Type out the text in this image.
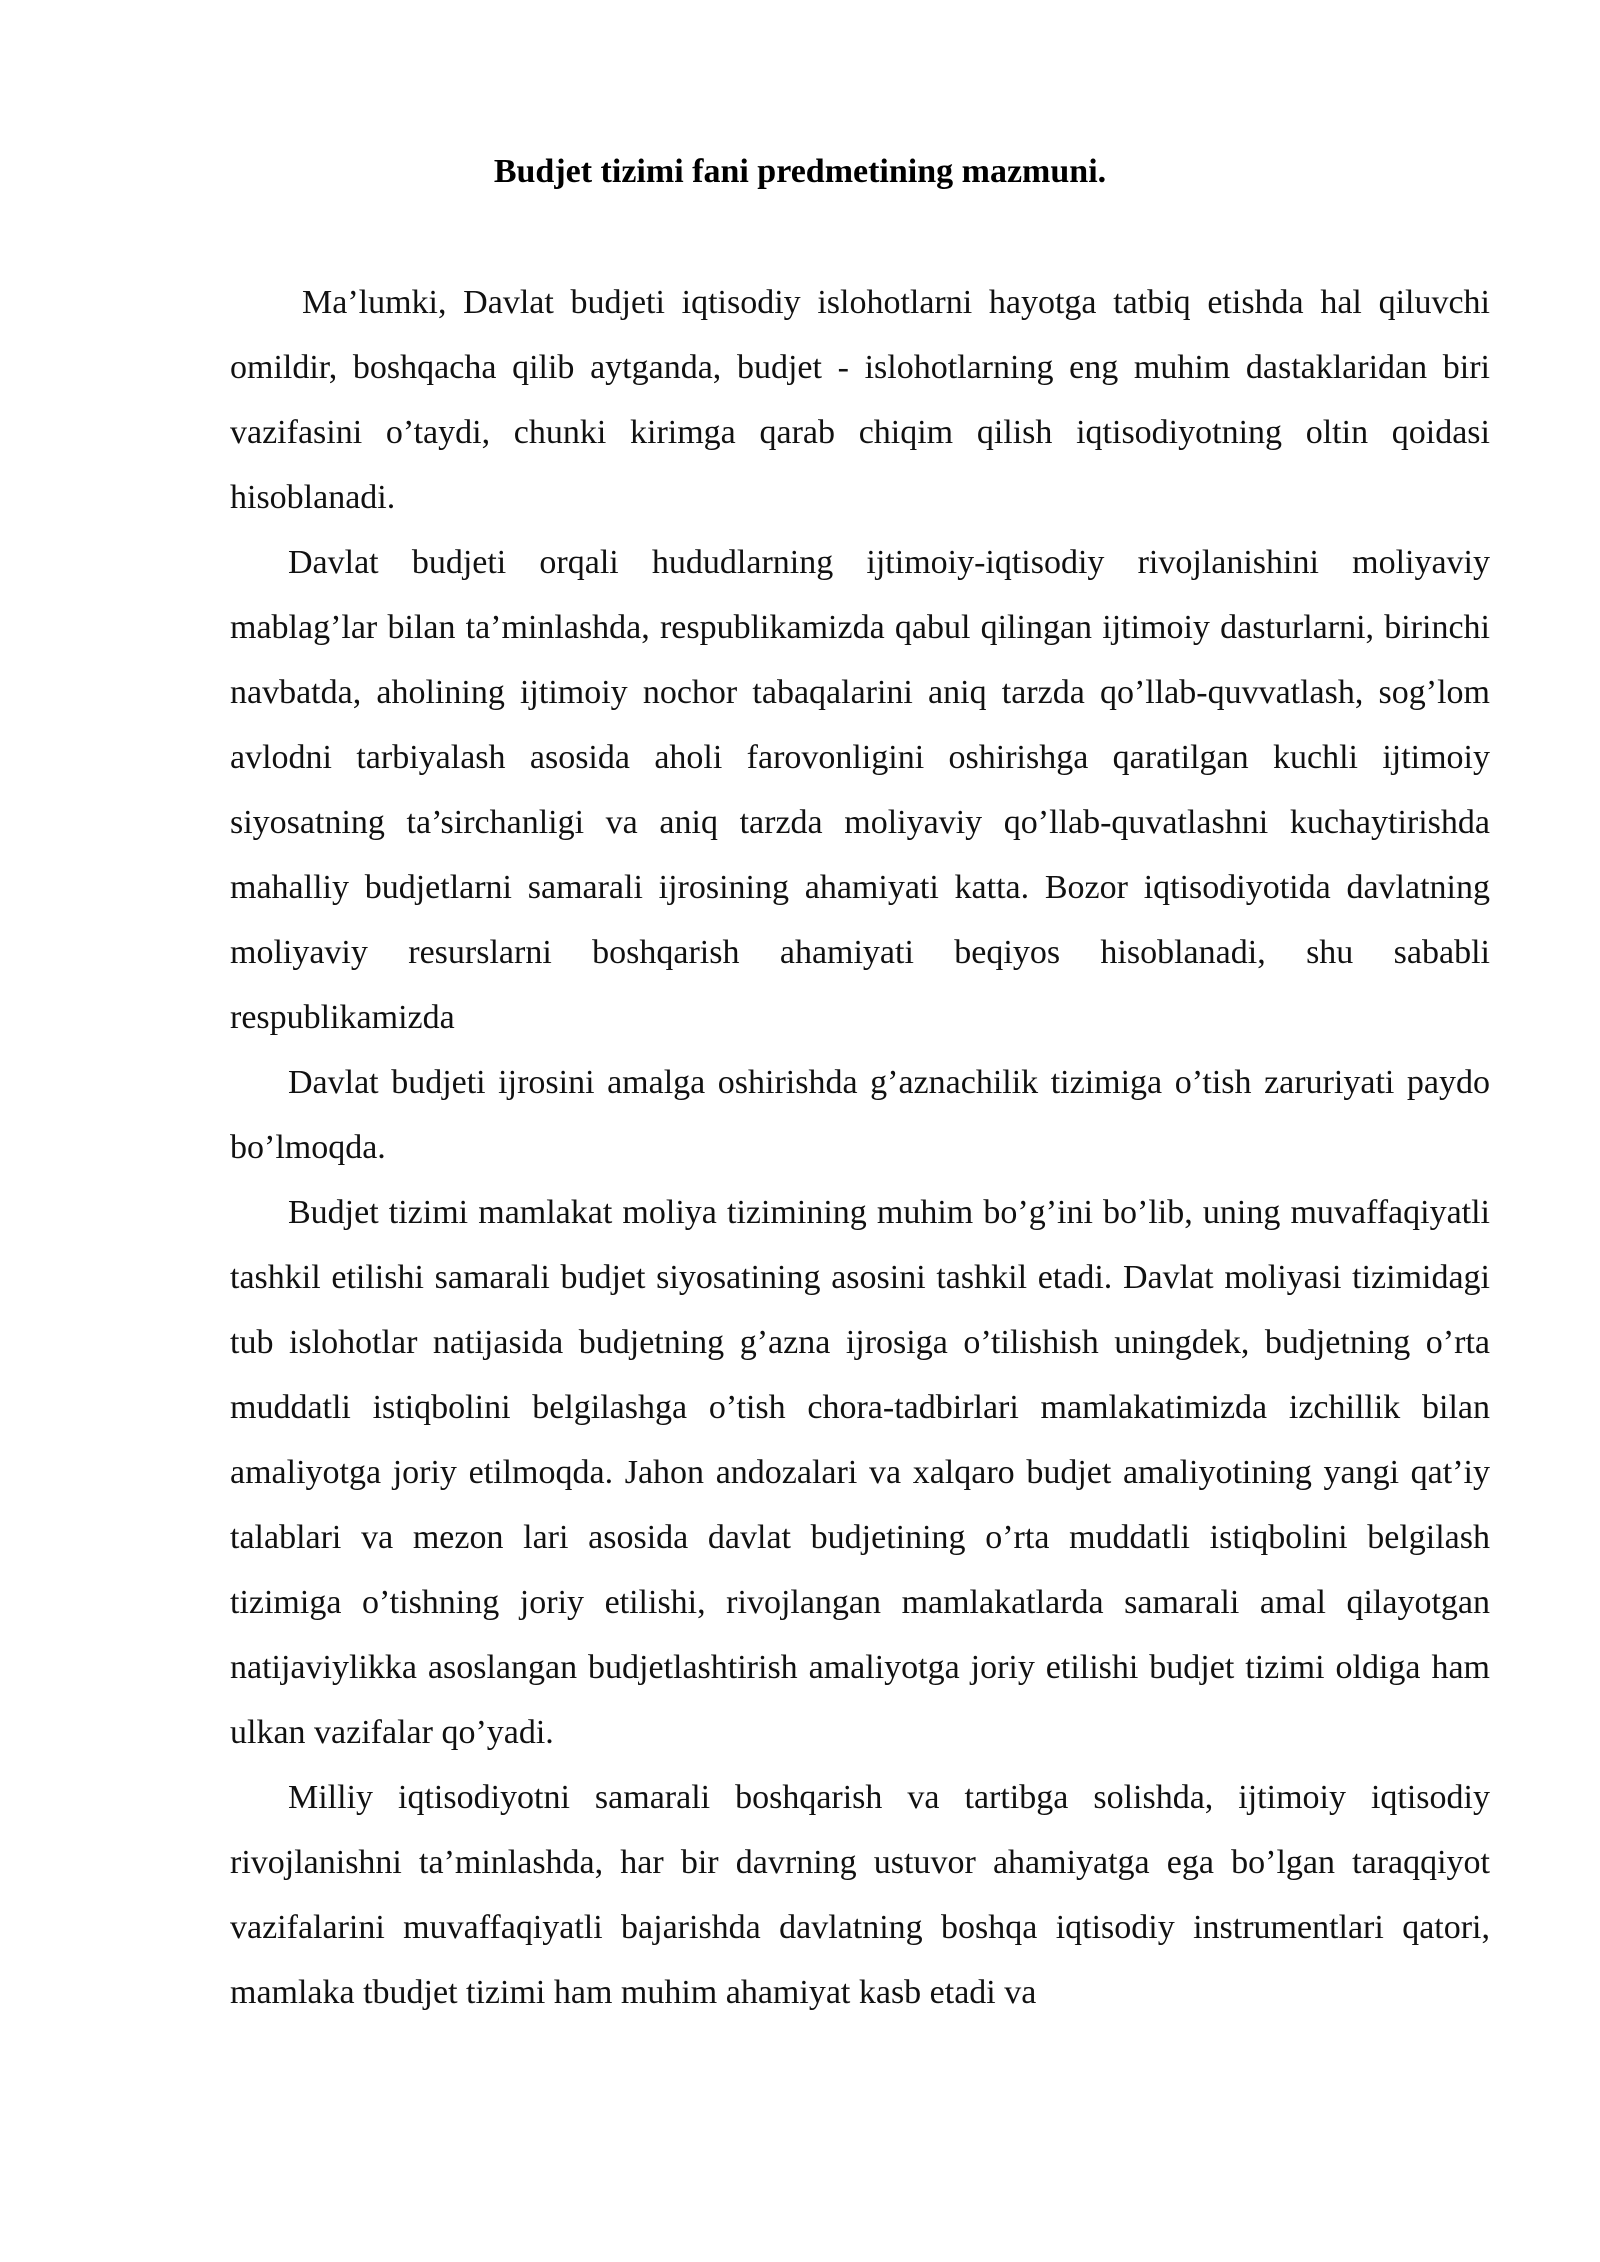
Budjet tizimi fani predmetining mazmuni.

Ma’lumki, Davlat budjeti iqtisodiy islohotlarni hayotga tatbiq etishda hal qiluvchi omildir, boshqacha qilib aytganda, budjet - islohotlarning eng muhim dastaklaridan biri vazifasini o’taydi, chunki kirimga qarab chiqim qilish iqtisodiyotning oltin qoidasi hisoblanadi.

Davlat budjeti orqali hududlarning ijtimoiy-iqtisodiy rivojlanishini moliyaviy mablag’lar bilan ta’minlashda, respublikamizda qabul qilingan ijtimoiy dasturlarni, birinchi navbatda, aholining ijtimoiy nochor tabaqalarini aniq tarzda qo’llab-quvvatlash, sog’lom avlodni tarbiyalash asosida aholi farovonligini oshirishga qaratilgan kuchli ijtimoiy siyosatning ta’sirchanligi va aniq tarzda moliyaviy qo’llab-quvatlashni kuchaytirishda mahalliy budjetlarni samarali ijrosining ahamiyati katta. Bozor iqtisodiyotida davlatning moliyaviy resurslarni boshqarish ahamiyati beqiyos hisoblanadi, shu sababli respublikamizda

Davlat budjeti ijrosini amalga oshirishda g’aznachilik tizimiga o’tish zaruriyati paydo bo’lmoqda.

Budjet tizimi mamlakat moliya tizimining muhim bo’g’ini bo’lib, uning muvaffaqiyatli tashkil etilishi samarali budjet siyosatining asosini tashkil etadi. Davlat moliyasi tizimidagi tub islohotlar natijasida budjetning g’azna ijrosiga o’tilishish uningdek, budjetning o’rta muddatli istiqbolini belgilashga o’tish chora-tadbirlari mamlakatimizda izchillik bilan amaliyotga joriy etilmoqda. Jahon andozalari va xalqaro budjet amaliyotining yangi qat’iy talablari va mezon lari asosida davlat budjetining o’rta muddatli istiqbolini belgilash tizimiga o’tishning joriy etilishi, rivojlangan mamlakatlarda samarali amal qilayotgan natijaviylikka asoslangan budjetlashtirish amaliyotga joriy etilishi budjet tizimi oldiga ham ulkan vazifalar qo’yadi.

Milliy iqtisodiyotni samarali boshqarish va tartibga solishda, ijtimoiy iqtisodiy rivojlanishni ta’minlashda, har bir davrning ustuvor ahamiyatga ega bo’lgan taraqqiyot vazifalarini muvaffaqiyatli bajarishda davlatning boshqa iqtisodiy instrumentlari qatori, mamlaka tbudjet tizimi ham muhim ahamiyat kasb etadi va
